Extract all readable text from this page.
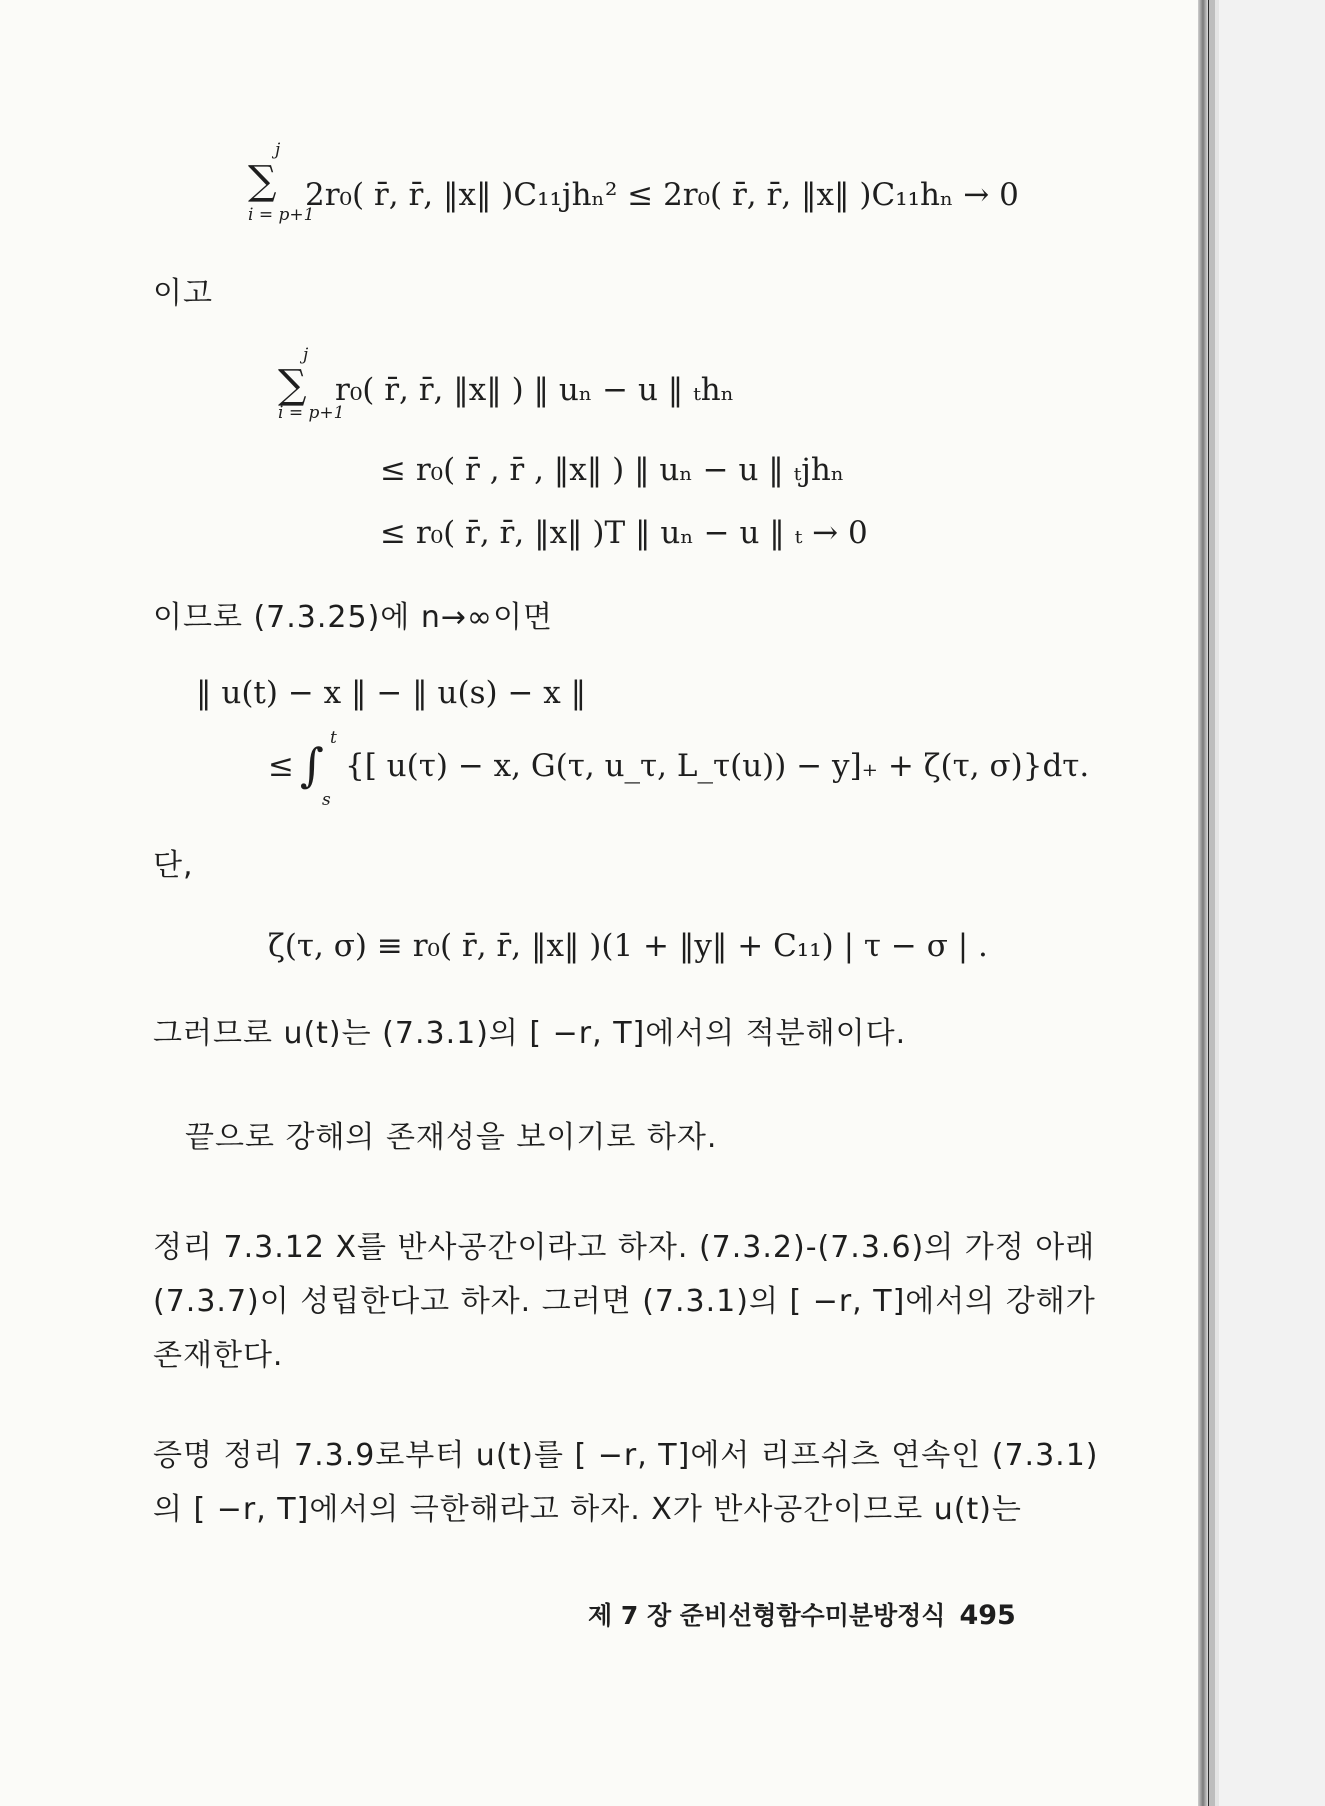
∑
j
i = p+1
2r₀( r̄, r̄, ‖x‖ )C₁₁jhₙ² ≤ 2r₀( r̄, r̄, ‖x‖ )C₁₁hₙ → 0
이고
∑
j
i = p+1
r₀( r̄, r̄, ‖x‖ ) ‖ uₙ − u ‖ ₜhₙ
≤ r₀( r̄ , r̄ , ‖x‖ ) ‖ uₙ − u ‖ ₜjhₙ
≤ r₀( r̄, r̄, ‖x‖ )T ‖ uₙ − u ‖ ₜ → 0
이므로 (7.3.25)에 n→∞이면
‖ u(t) − x ‖ − ‖ u(s) − x ‖
≤ ∫ t
s
{[ u(τ) − x, G(τ, u_τ, L_τ(u)) − y]₊ + ζ(τ, σ)}dτ.
단,
ζ(τ, σ) ≡ r₀( r̄, r̄, ‖x‖ )(1 + ‖y‖ + C₁₁) | τ − σ | .
그러므로 u(t)는 (7.3.1)의 [ −r, T]에서의 적분해이다.
끝으로 강해의 존재성을 보이기로 하자.
정리 7.3.12 X를 반사공간이라고 하자. (7.3.2)-(7.3.6)의 가정 아래
(7.3.7)이 성립한다고 하자. 그러면 (7.3.1)의 [ −r, T]에서의 강해가
존재한다.
증명 정리 7.3.9로부터 u(t)를 [ −r, T]에서 리프쉬츠 연속인 (7.3.1)
의 [ −r, T]에서의 극한해라고 하자. X가 반사공간이므로 u(t)는
제 7 장 준비선형함수미분방정식 495
